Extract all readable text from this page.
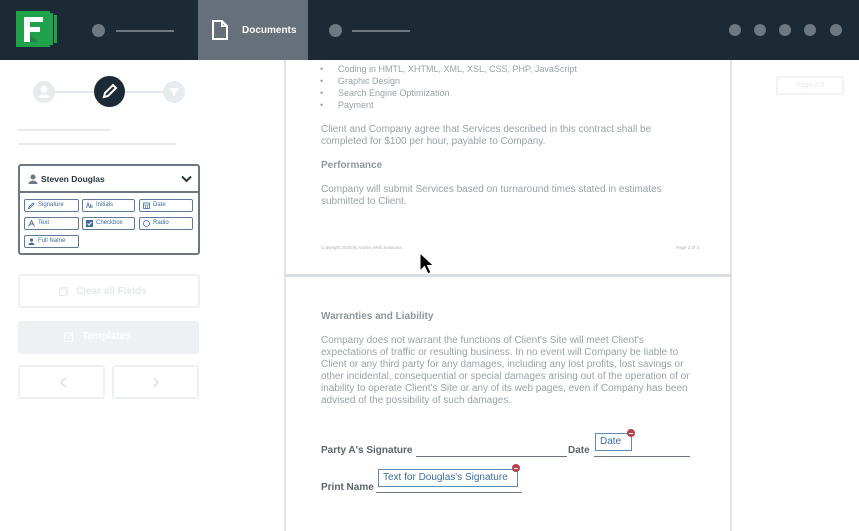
Documents
Steven Douglas
Signature	Initials	Date
Text	Checkbox	Radio
Full Name
Clear all Fields
Templates
• Coding in HMTL, XHTML, XML, XSL, CSS, PHP, JavaScript
• Graphic Design
• Search Engine Optimization
• Payment
Client and Company agree that Services described in this contract shall be
completed for $100 per hour, payable to Company.
Performance
Company will submit Services based on turnaround times stated in estimates
submitted to Client.
Copyright 2020 by Vortex Web Solutions	Page 2 of 3
Warranties and Liability
Company does not warrant the functions of Client's Site will meet Client's
expectations of traffic or resulting business. In no event will Company be liable to
Client or any third party for any damages, including any lost profits, lost savings or
other incidental, consequential or special damages arising out of the operation of or
inability to operate Client's Site or any of its web pages, even if Company has been
advised of the possibility of such damages.
Party A's Signature	Date
Date
Print Name
Text for Douglas's Signature
Page 2/3
